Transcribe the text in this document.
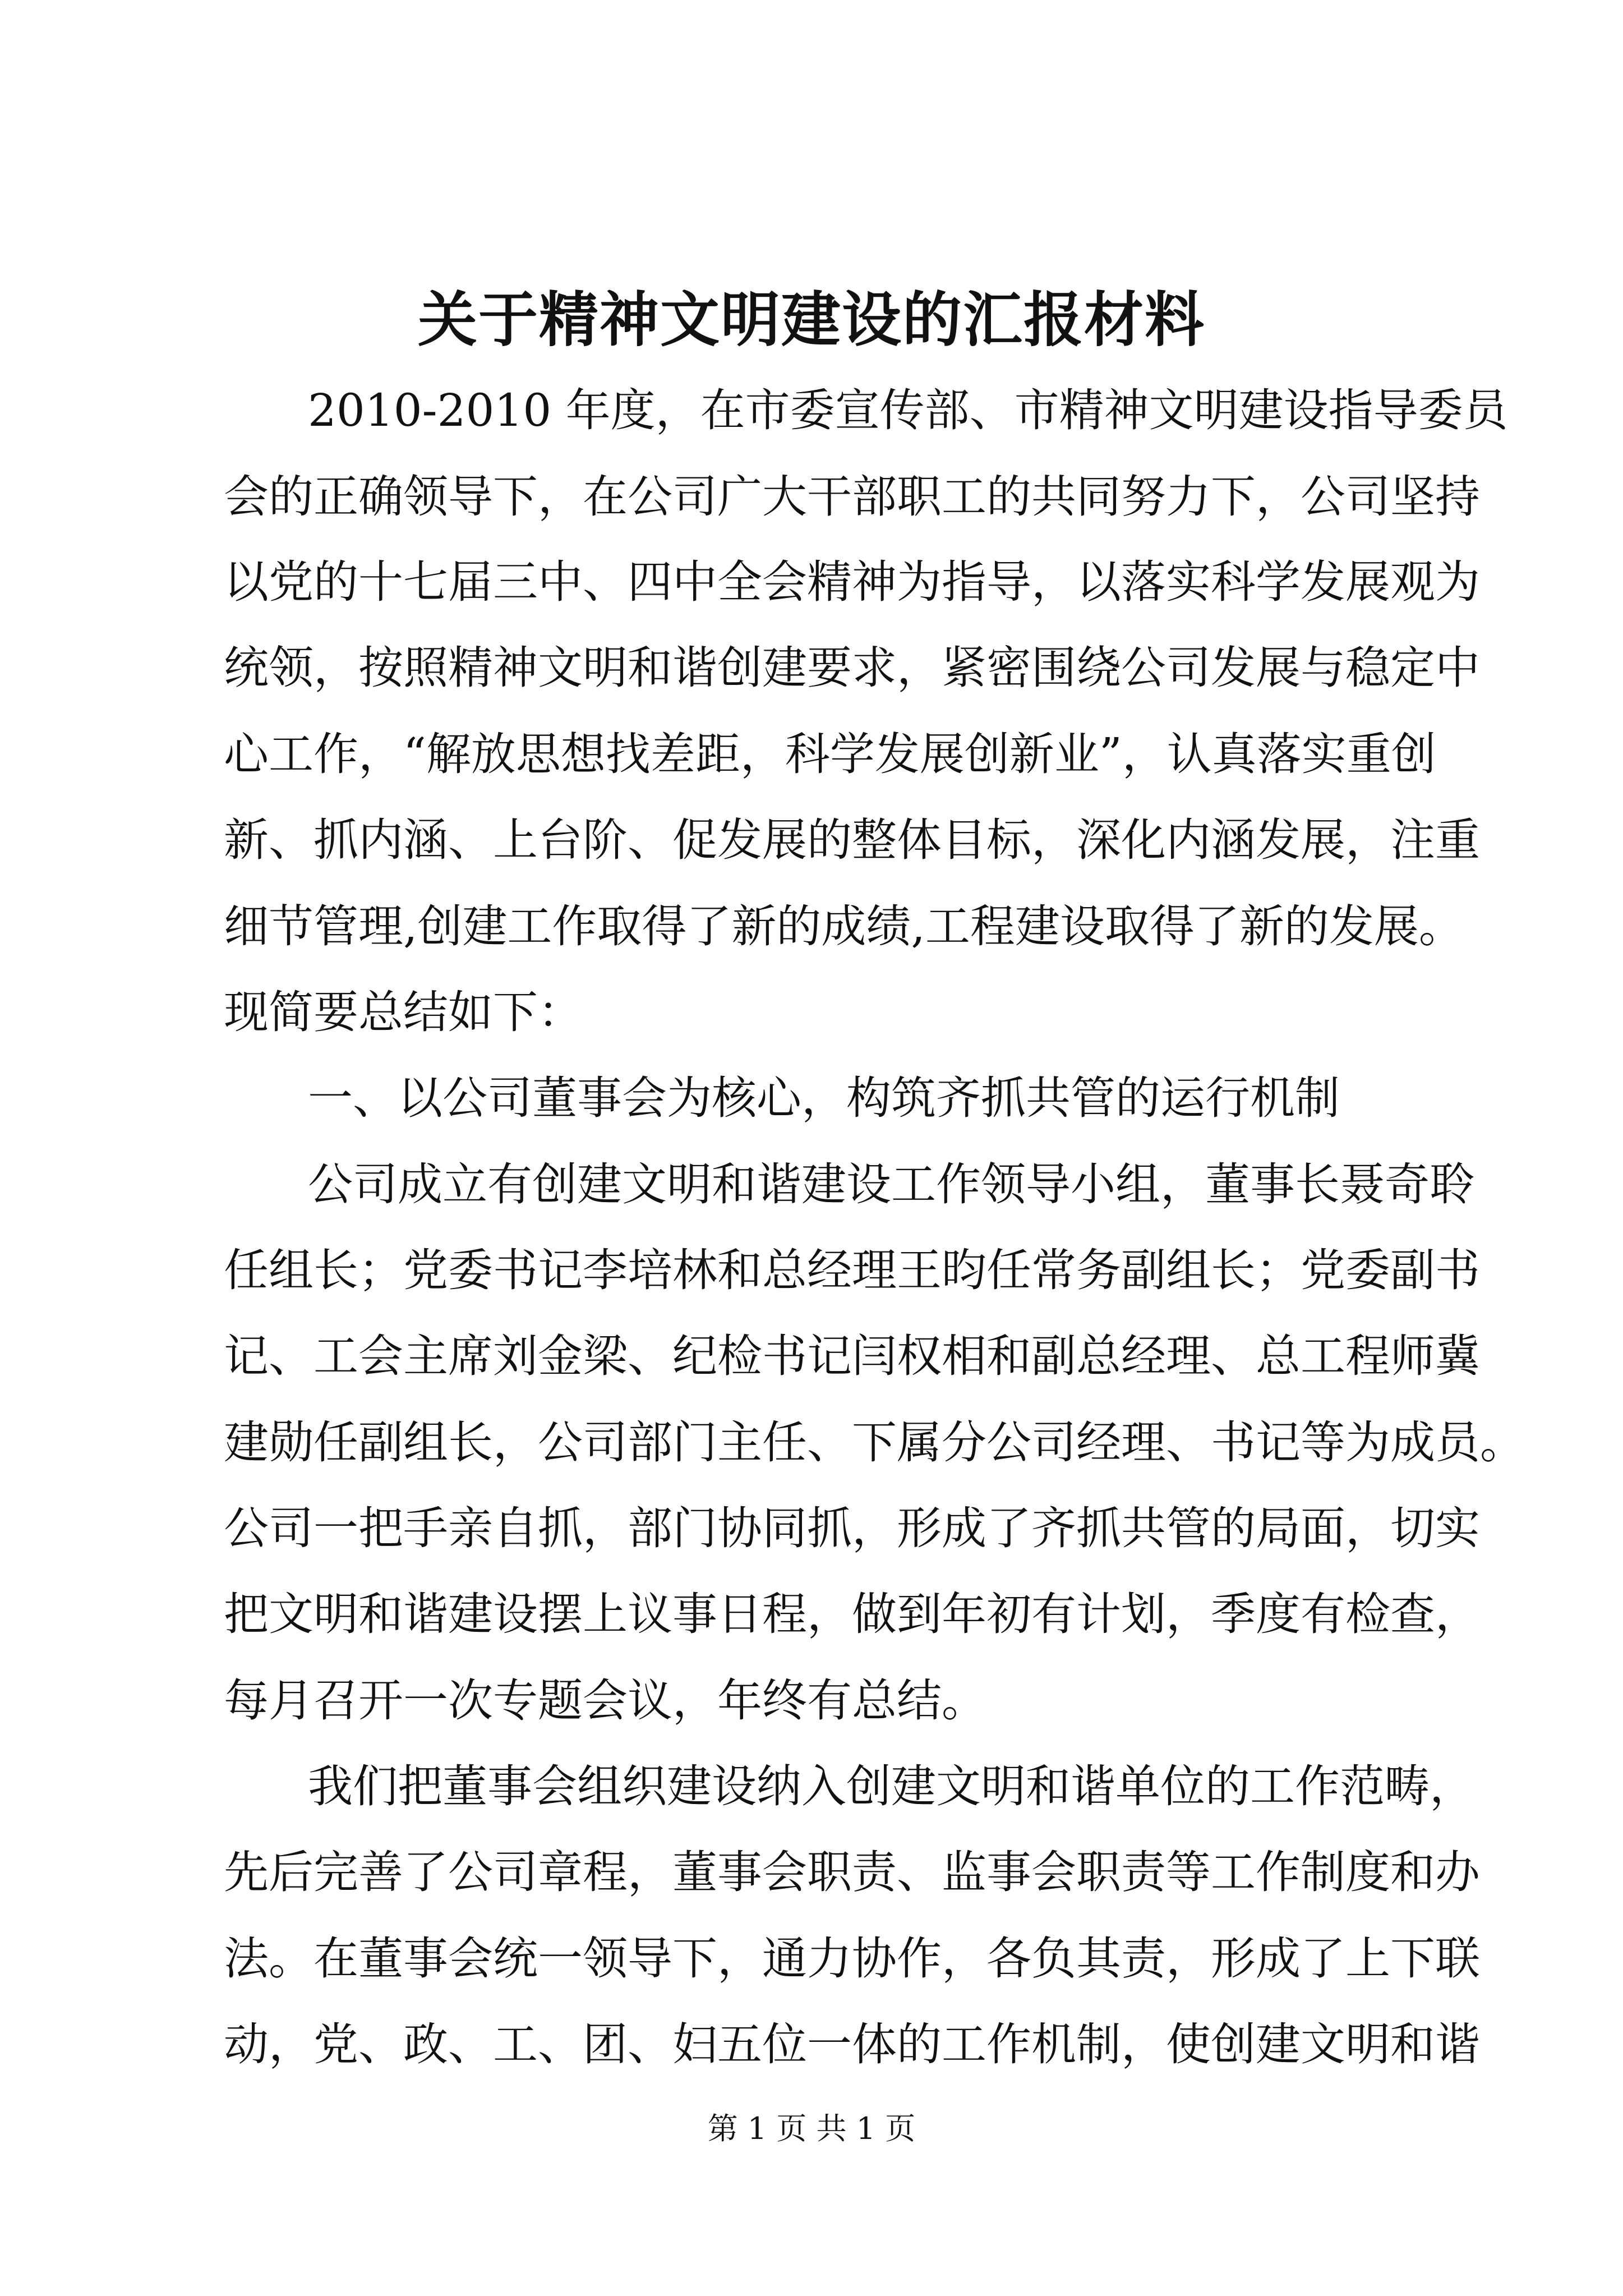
关于精神文明建设的汇报材料

2010-2010 年度，在市委宣传部、市精神文明建设指导委员

会的正确领导下，在公司广大干部职工的共同努力下，公司坚持

以党的十七届三中、四中全会精神为指导，以落实科学发展观为

统领，按照精神文明和谐创建要求，紧密围绕公司发展与稳定中

心工作，“解放思想找差距，科学发展创新业”，认真落实重创

新、抓内涵、上台阶、促发展的整体目标，深化内涵发展，注重

细节管理,创建工作取得了新的成绩,工程建设取得了新的发展。

现简要总结如下：

一、以公司董事会为核心，构筑齐抓共管的运行机制

公司成立有创建文明和谐建设工作领导小组，董事长聂奇聆

任组长；党委书记李培林和总经理王昀任常务副组长；党委副书

记、工会主席刘金梁、纪检书记闫权相和副总经理、总工程师冀

建勋任副组长，公司部门主任、下属分公司经理、书记等为成员。

公司一把手亲自抓，部门协同抓，形成了齐抓共管的局面，切实

把文明和谐建设摆上议事日程，做到年初有计划，季度有检查，

每月召开一次专题会议，年终有总结。

我们把董事会组织建设纳入创建文明和谐单位的工作范畴，

先后完善了公司章程，董事会职责、监事会职责等工作制度和办

法。在董事会统一领导下，通力协作，各负其责，形成了上下联

动，党、政、工、团、妇五位一体的工作机制，使创建文明和谐

第 1 页 共 1 页
